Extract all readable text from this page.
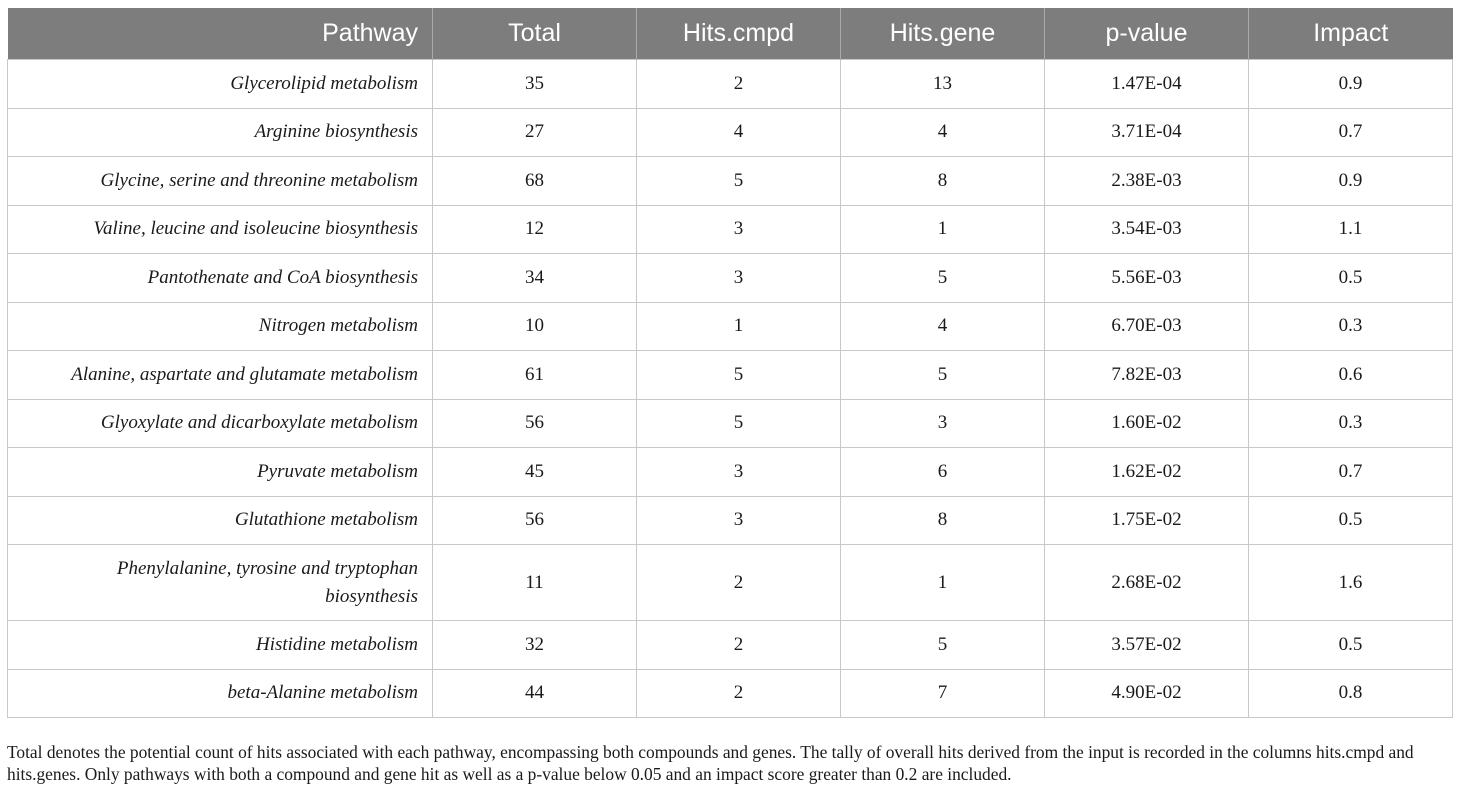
Pathway	Total	Hits.cmpd	Hits.gene	p-value	Impact
Glycerolipid metabolism	35	2	13	1.47E-04	0.9
Arginine biosynthesis	27	4	4	3.71E-04	0.7
Glycine, serine and threonine metabolism	68	5	8	2.38E-03	0.9
Valine, leucine and isoleucine biosynthesis	12	3	1	3.54E-03	1.1
Pantothenate and CoA biosynthesis	34	3	5	5.56E-03	0.5
Nitrogen metabolism	10	1	4	6.70E-03	0.3
Alanine, aspartate and glutamate metabolism	61	5	5	7.82E-03	0.6
Glyoxylate and dicarboxylate metabolism	56	5	3	1.60E-02	0.3
Pyruvate metabolism	45	3	6	1.62E-02	0.7
Glutathione metabolism	56	3	8	1.75E-02	0.5
Phenylalanine, tyrosine and tryptophan biosynthesis	11	2	1	2.68E-02	1.6
Histidine metabolism	32	2	5	3.57E-02	0.5
beta-Alanine metabolism	44	2	7	4.90E-02	0.8

Total denotes the potential count of hits associated with each pathway, encompassing both compounds and genes. The tally of overall hits derived from the input is recorded in the columns hits.cmpd and hits.genes. Only pathways with both a compound and gene hit as well as a p-value below 0.05 and an impact score greater than 0.2 are included.
